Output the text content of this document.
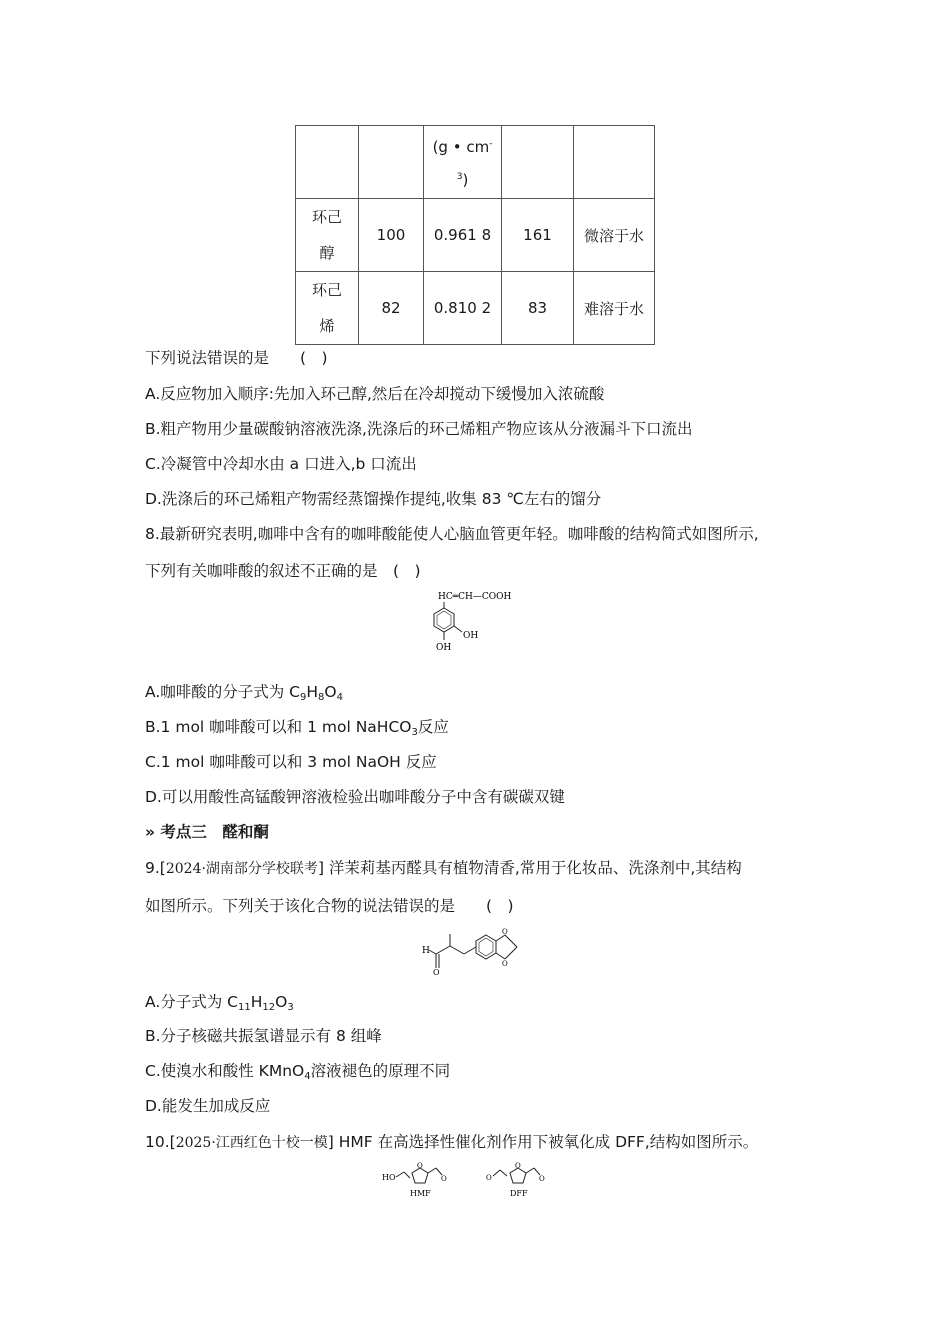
		(g • cm-
$^3$)		

环己
醇	100	0.961 8	161	微溶于水

环己
烯	82	0.810 2	83	难溶于水
下列说法错误的是　　(　)
A.反应物加入顺序:先加入环己醇,然后在冷却搅动下缓慢加入浓硫酸
B.粗产物用少量碳酸钠溶液洗涤,洗涤后的环己烯粗产物应该从分液漏斗下口流出
C.冷凝管中冷却水由 a 口进入,b 口流出
D.洗涤后的环己烯粗产物需经蒸馏操作提纯,收集 83 ℃左右的馏分
8.最新研究表明,咖啡中含有的咖啡酸能使人心脑血管更年轻。咖啡酸的结构简式如图所示,
下列有关咖啡酸的叙述不正确的是　(　)
HC═CH—COOH
OH
OH
A.咖啡酸的分子式为 $C_9H_8O_4$
B.1 mol 咖啡酸可以和 1 mol NaHCO$_3$反应
C.1 mol 咖啡酸可以和 3 mol NaOH 反应
D.可以用酸性高锰酸钾溶液检验出咖啡酸分子中含有碳碳双键
» 考点三　醛和酮
9.[2024·湖南部分学校联考] 洋茉莉基丙醛具有植物清香,常用于化妆品、洗涤剂中,其结构
如图所示。下列关于该化合物的说法错误的是　　(　)
H
O
O
O
A.分子式为 $C_{11}H_{12}O_3$
B.分子核磁共振氢谱显示有 8 组峰
C.使溴水和酸性 KMnO$_4$溶液褪色的原理不同
D.能发生加成反应
10.[2025·江西红色十校一模] HMF 在高选择性催化剂作用下被氧化成 DFF,结构如图所示。
HO
O
O
HMF
O
O
O
DFF
